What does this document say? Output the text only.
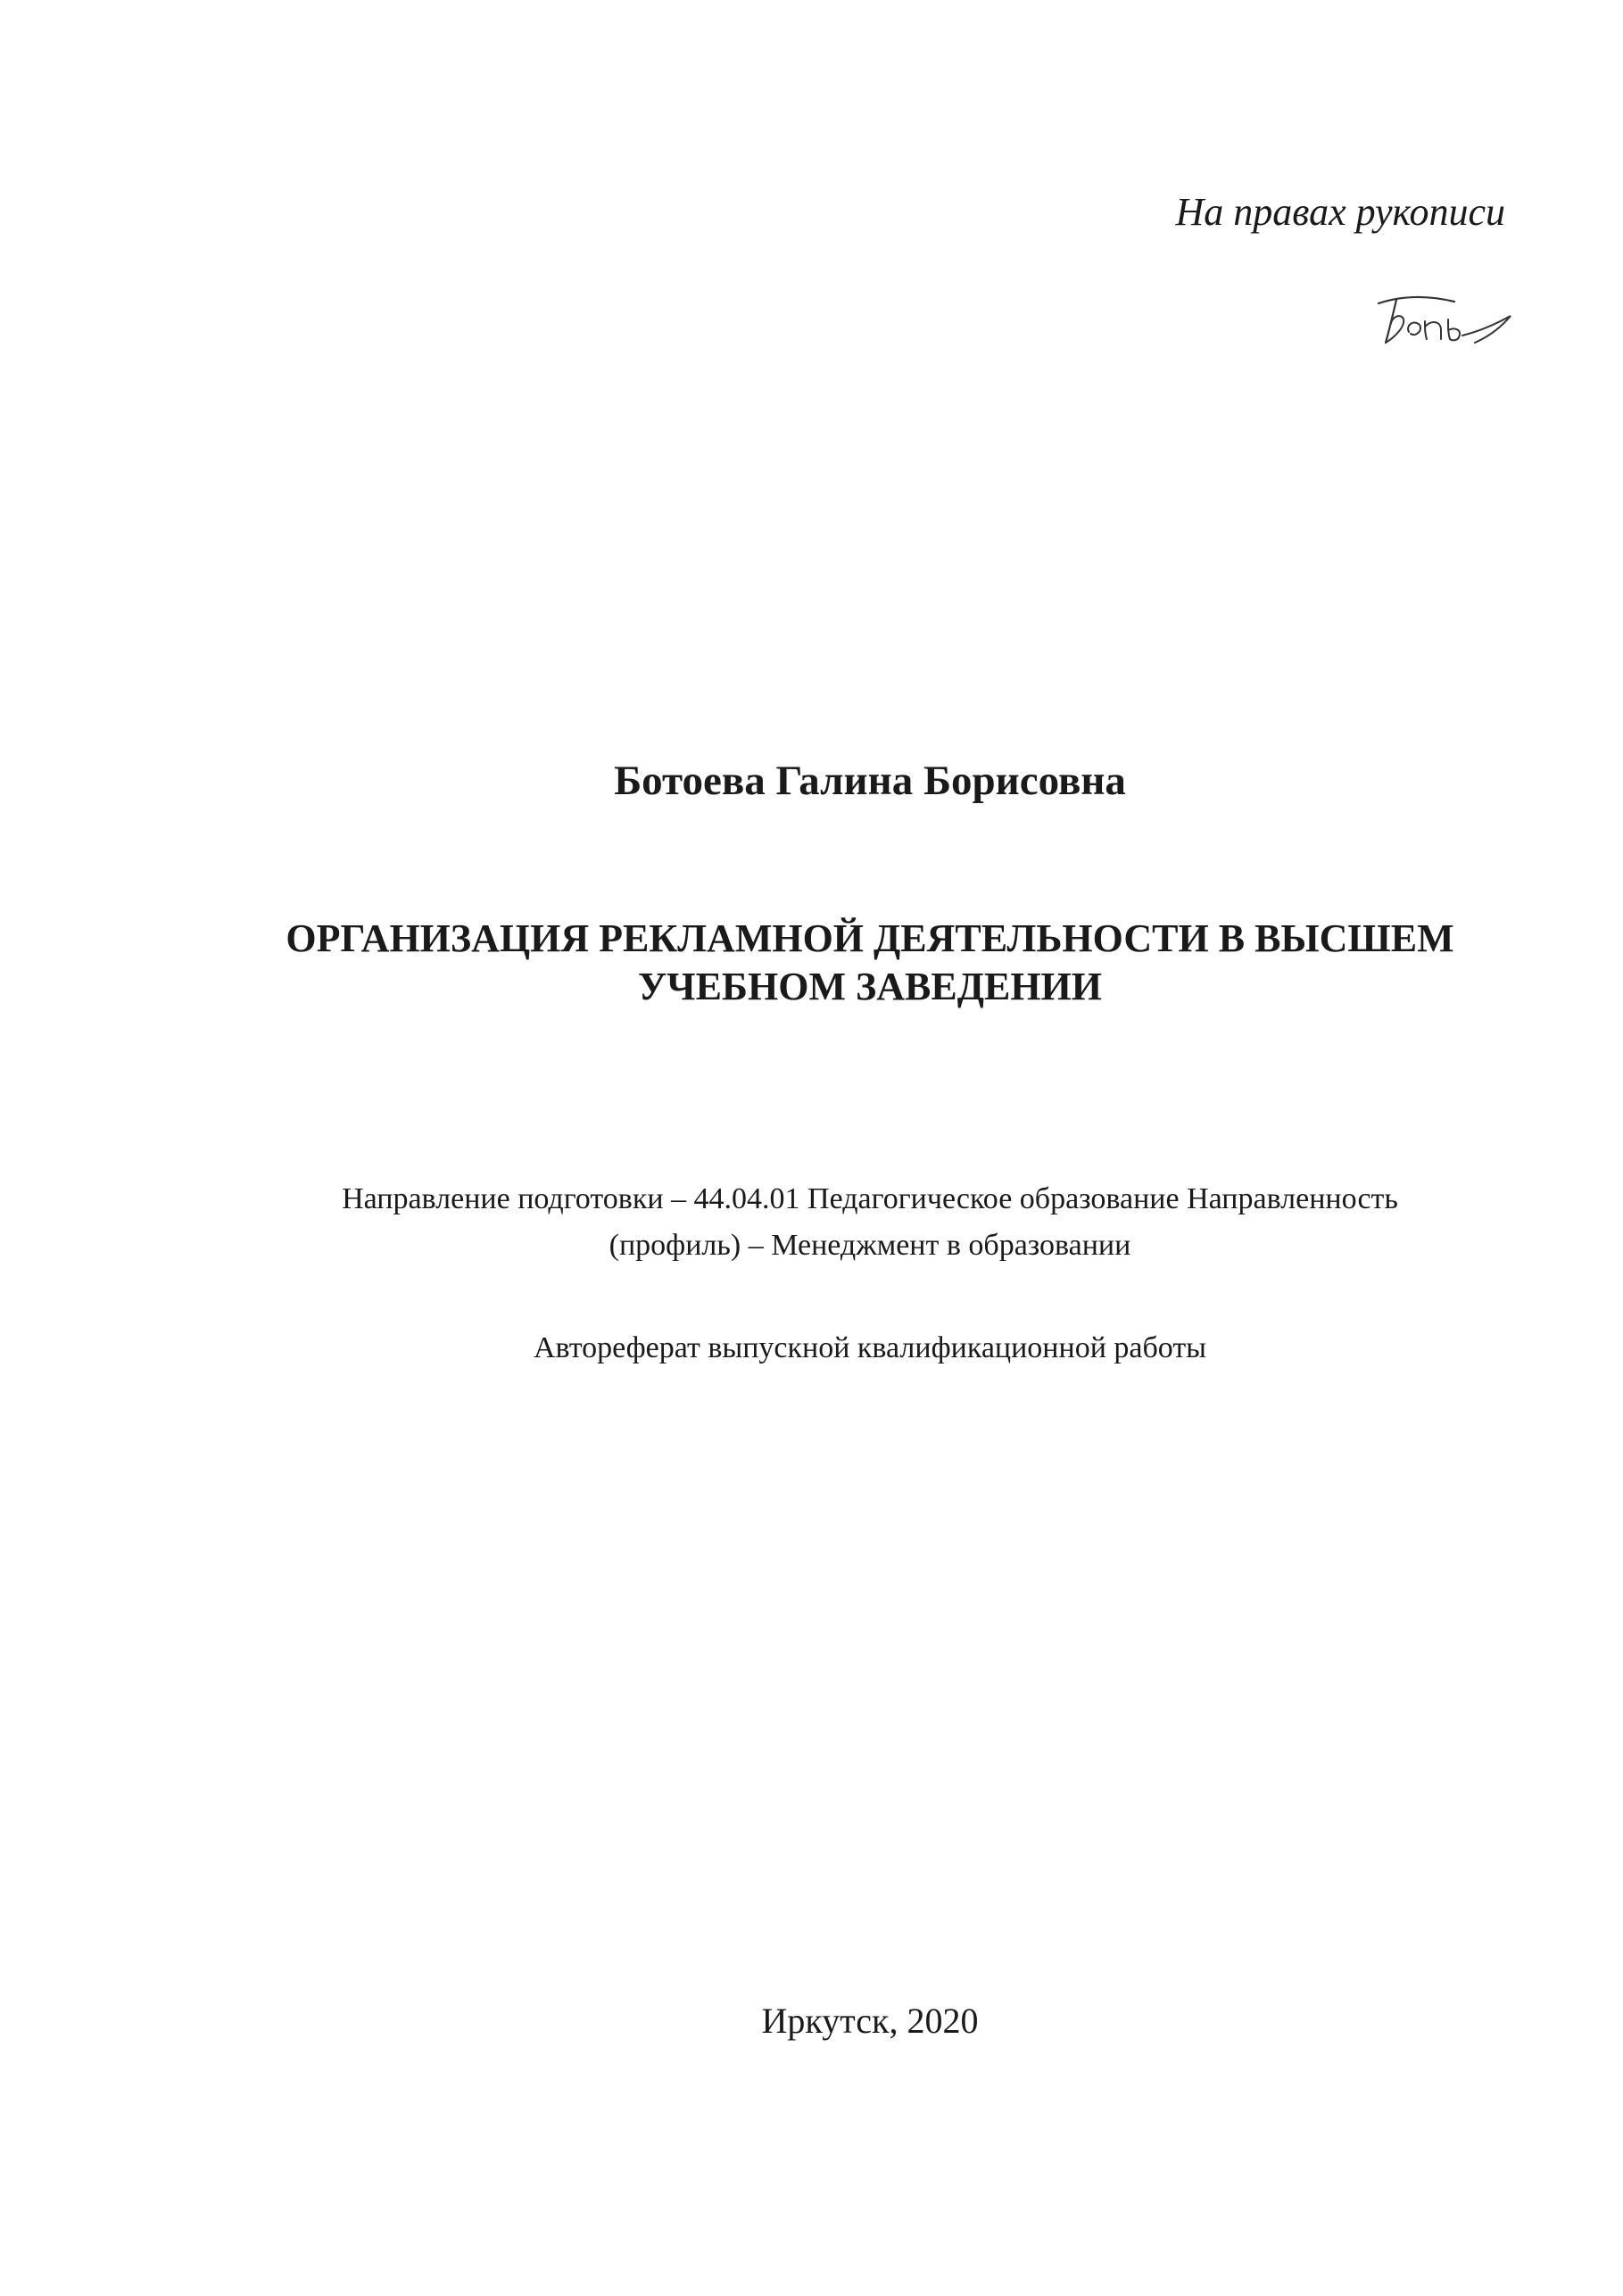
На правах рукописи
Ботоева Галина Борисовна
ОРГАНИЗАЦИЯ РЕКЛАМНОЙ ДЕЯТЕЛЬНОСТИ В ВЫСШЕМ
УЧЕБНОМ ЗАВЕДЕНИИ
Направление подготовки – 44.04.01 Педагогическое образование Направленность
(профиль) – Менеджмент в образовании
Автореферат выпускной квалификационной работы
Иркутск, 2020
